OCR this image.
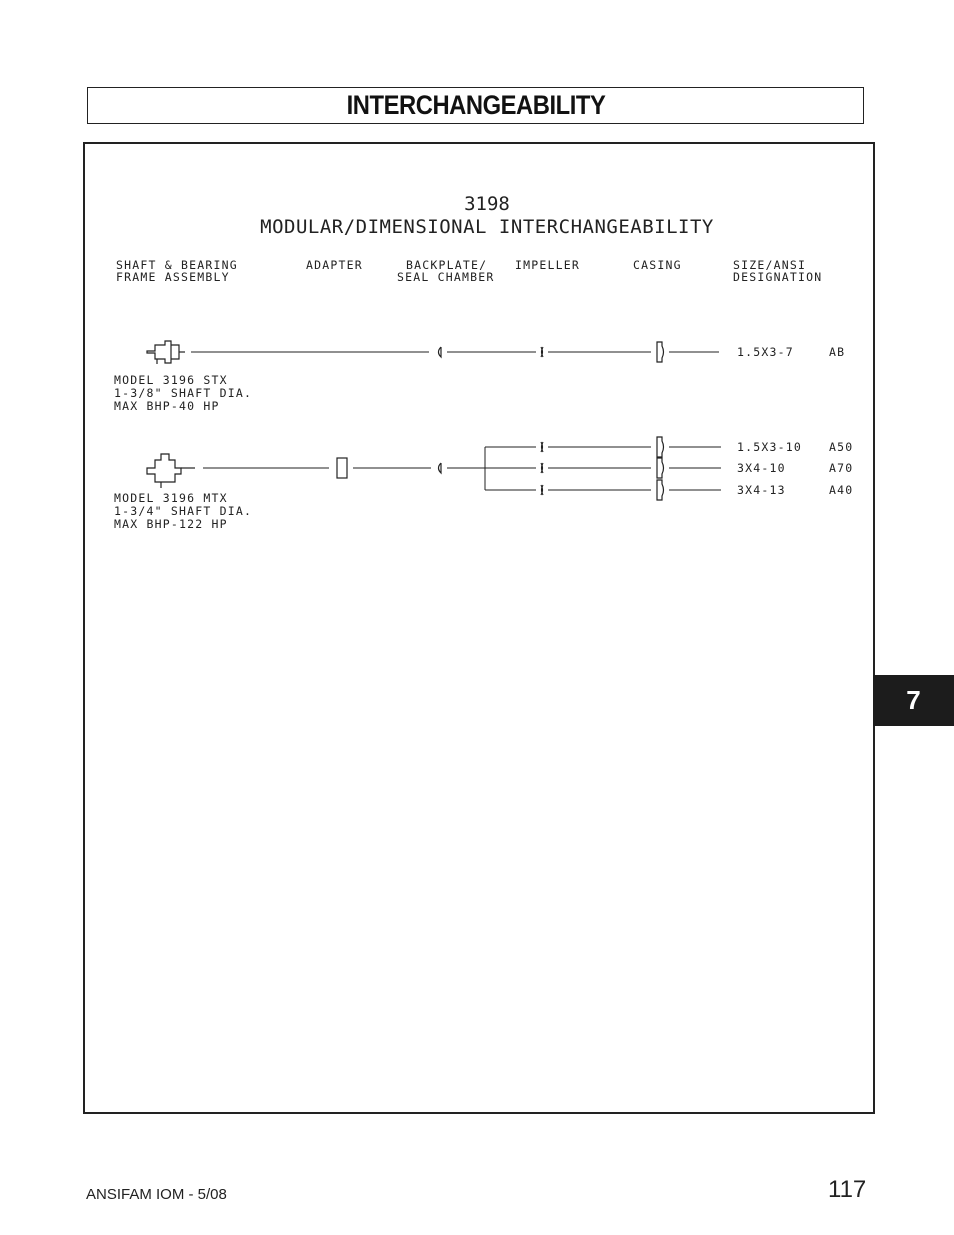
INTERCHANGEABILITY
3198
MODULAR/DIMENSIONAL INTERCHANGEABILITY
SHAFT & BEARING
FRAME ASSEMBLY
ADAPTER	BACKPLATE/
SEAL CHAMBER
IMPELLER	CASING	SIZE/ANSI
DESIGNATION
1.5X3-7	AB
MODEL 3196 STX
1-3/8" SHAFT DIA.
MAX BHP-40 HP
1.5X3-10 A50
3X4-10	A70
3X4-13	A40
MODEL 3196 MTX
1-3/4" SHAFT DIA.
MAX BHP-122 HP
7
ANSIFAM IOM - 5/08	117
